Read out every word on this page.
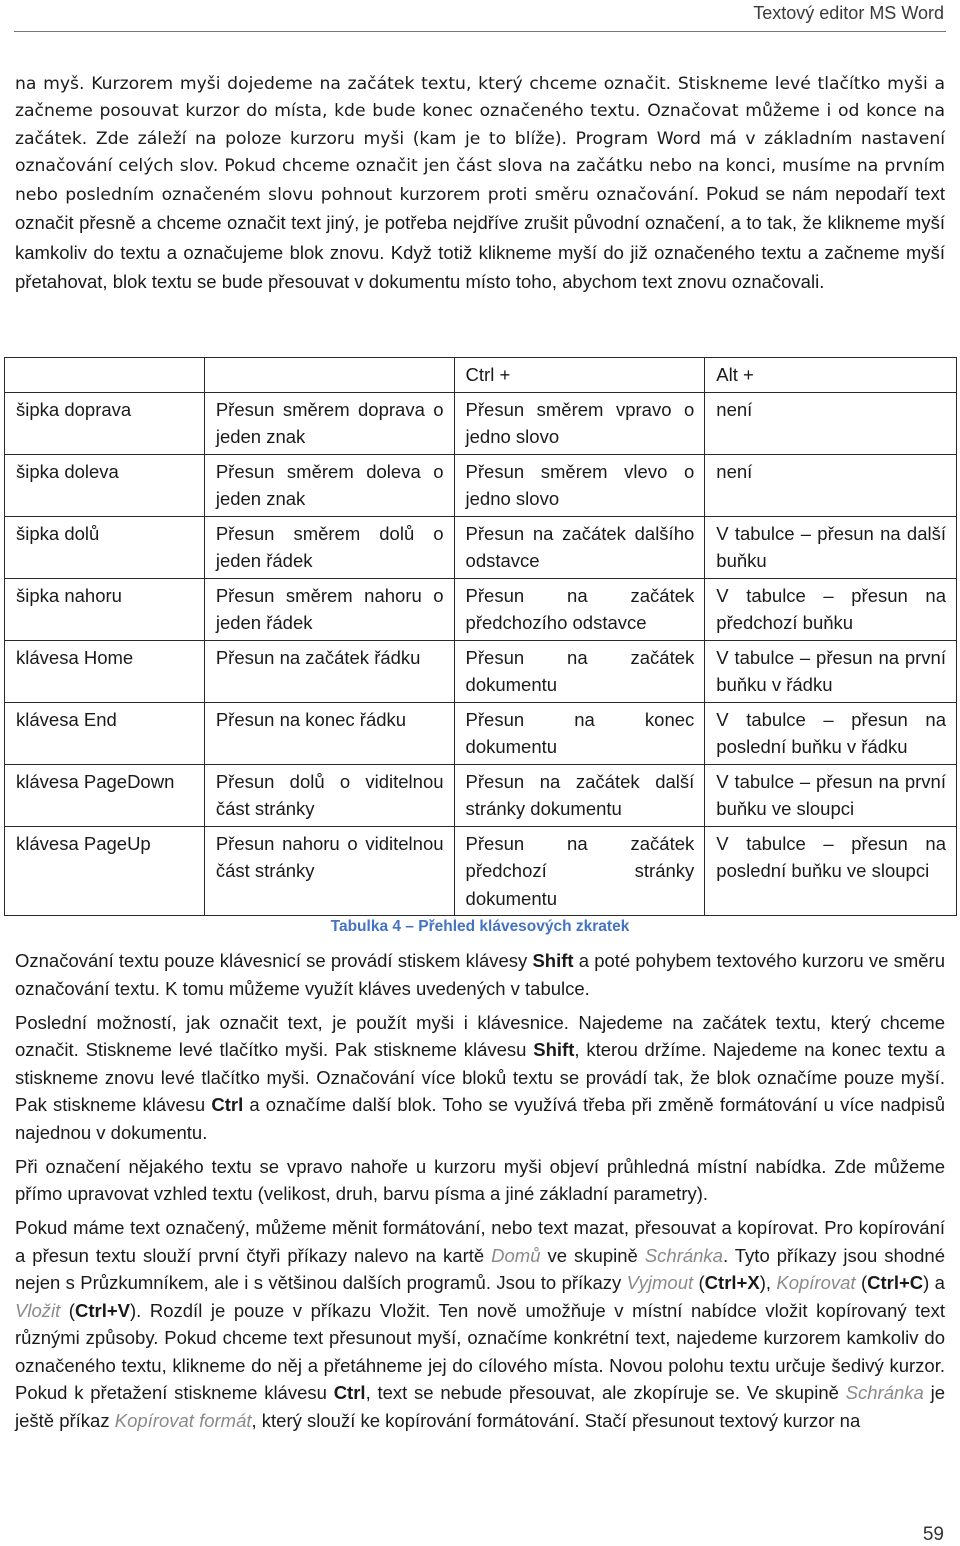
Textový editor MS Word

na myš. Kurzorem myši dojedeme na začátek textu, který chceme označit. Stiskneme levé tlačítko myši a začneme posouvat kurzor do místa, kde bude konec označeného textu. Označovat můžeme i od konce na začátek. Zde záleží na poloze kurzoru myši (kam je to blíže). Program Word má v základním nastavení označování celých slov. Pokud chceme označit jen část slova na začátku nebo na konci, musíme na prvním nebo posledním označeném slovu pohnout kurzorem proti směru označování. Pokud se nám nepodaří text označit přesně a chceme označit text jiný, je potřeba nejdříve zrušit původní označení, a to tak, že klikneme myší kamkoliv do textu a označujeme blok znovu. Když totiž klikneme myší do již označeného textu a začneme myší přetahovat, blok textu se bude přesouvat v dokumentu místo toho, abychom text znovu označovali.

		Ctrl +	Alt +
šipka doprava	Přesun směrem doprava o jeden znak	Přesun směrem vpravo o jedno slovo	není
šipka doleva	Přesun směrem doleva o jeden znak	Přesun směrem vlevo o jedno slovo	není
šipka dolů	Přesun směrem dolů o jeden řádek	Přesun na začátek dalšího odstavce	V tabulce – přesun na další buňku
šipka nahoru	Přesun směrem nahoru o jeden řádek	Přesun na začátek předchozího odstavce	V tabulce – přesun na předchozí buňku
klávesa Home	Přesun na začátek řádku	Přesun na začátek dokumentu	V tabulce – přesun na první buňku v řádku
klávesa End	Přesun na konec řádku	Přesun na konec dokumentu	V tabulce – přesun na poslední buňku v řádku
klávesa PageDown	Přesun dolů o viditelnou část stránky	Přesun na začátek další stránky dokumentu	V tabulce – přesun na první buňku ve sloupci
klávesa PageUp	Přesun nahoru o viditelnou část stránky	Přesun na začátek předchozí stránky dokumentu	V tabulce – přesun na poslední buňku ve sloupci
Tabulka 4 – Přehled klávesových zkratek

Označování textu pouze klávesnicí se provádí stiskem klávesy Shift a poté pohybem textového kurzoru ve směru označování textu. K tomu můžeme využít kláves uvedených v tabulce.

Poslední možností, jak označit text, je použít myši i klávesnice. Najedeme na začátek textu, který chceme označit. Stiskneme levé tlačítko myši. Pak stiskneme klávesu Shift, kterou držíme. Najedeme na konec textu a stiskneme znovu levé tlačítko myši. Označování více bloků textu se provádí tak, že blok označíme pouze myší. Pak stiskneme klávesu Ctrl a označíme další blok. Toho se využívá třeba při změně formátování u více nadpisů najednou v dokumentu.

Při označení nějakého textu se vpravo nahoře u kurzoru myši objeví průhledná místní nabídka. Zde můžeme přímo upravovat vzhled textu (velikost, druh, barvu písma a jiné základní parametry).

Pokud máme text označený, můžeme měnit formátování, nebo text mazat, přesouvat a kopírovat. Pro kopírování a přesun textu slouží první čtyři příkazy nalevo na kartě Domů ve skupině Schránka. Tyto příkazy jsou shodné nejen s Průzkumníkem, ale i s většinou dalších programů. Jsou to příkazy Vyjmout (Ctrl+X), Kopírovat (Ctrl+C) a Vložit (Ctrl+V). Rozdíl je pouze v příkazu Vložit. Ten nově umožňuje v místní nabídce vložit kopírovaný text různými způsoby. Pokud chceme text přesunout myší, označíme konkrétní text, najedeme kurzorem kamkoliv do označeného textu, klikneme do něj a přetáhneme jej do cílového místa. Novou polohu textu určuje šedivý kurzor. Pokud k přetažení stiskneme klávesu Ctrl, text se nebude přesouvat, ale zkopíruje se. Ve skupině Schránka je ještě příkaz Kopírovat formát, který slouží ke kopírování formátování. Stačí přesunout textový kurzor na

59
